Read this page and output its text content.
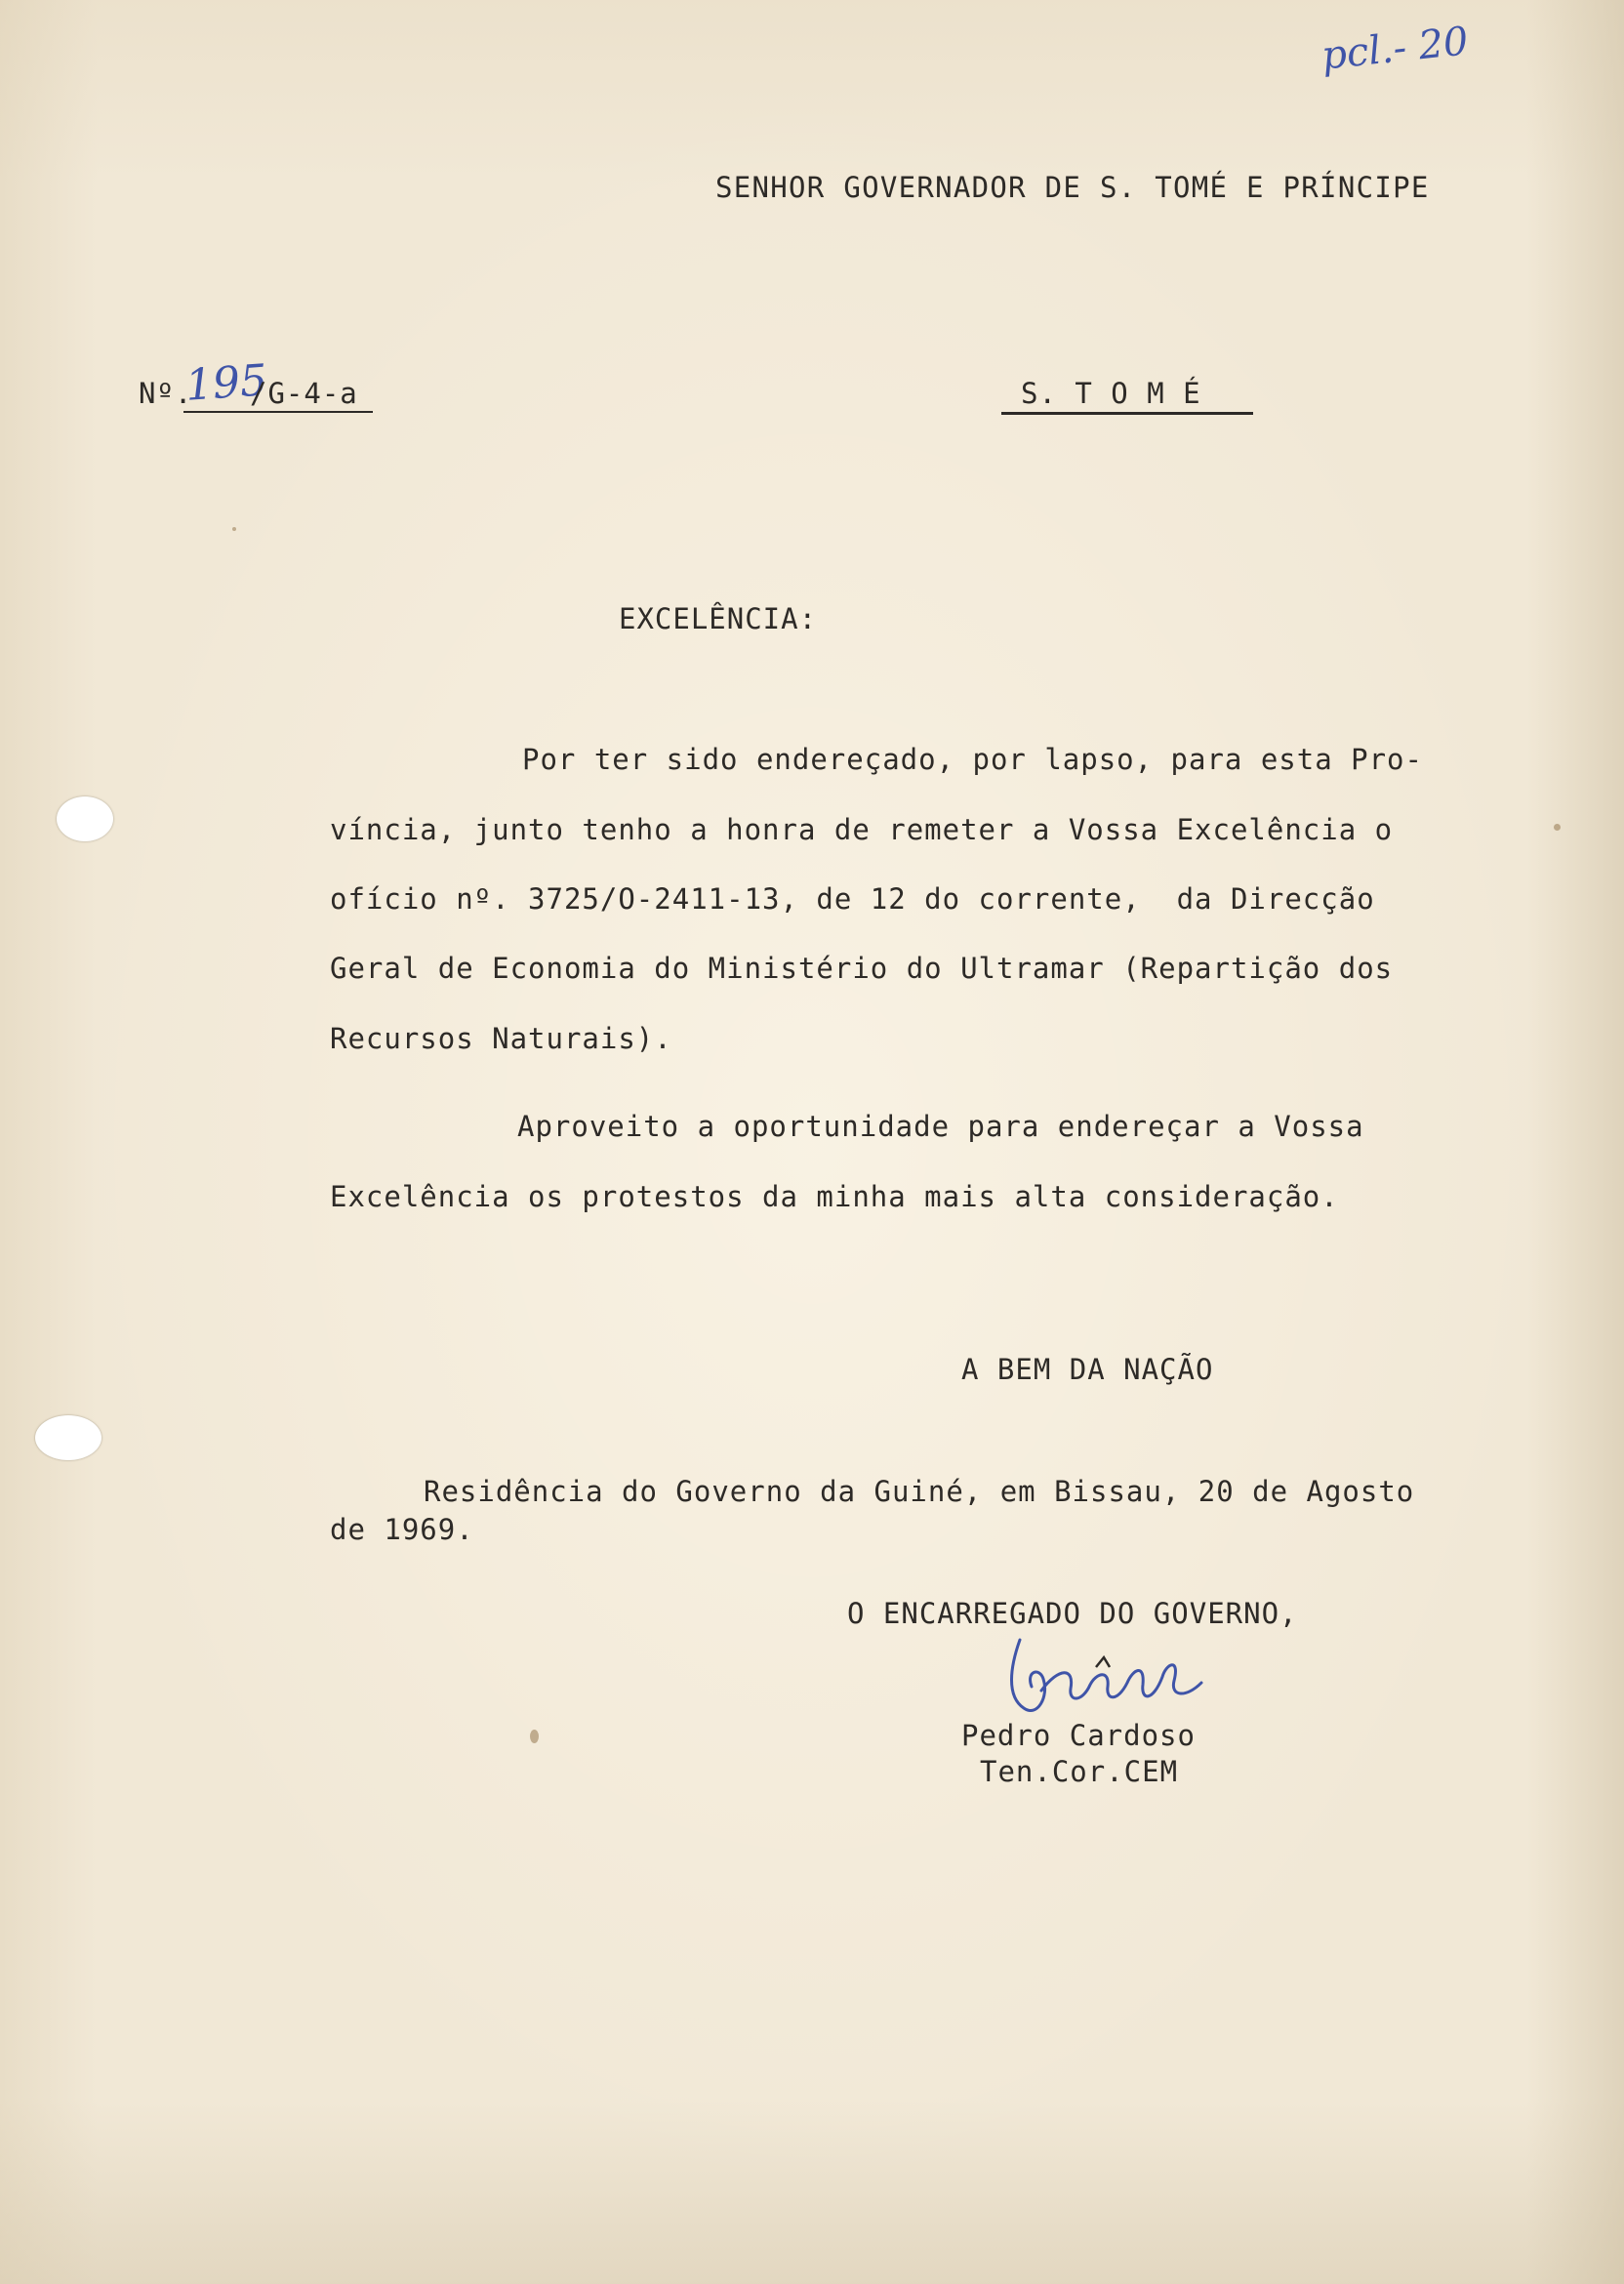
pcl.- 20
SENHOR GOVERNADOR DE S. TOMÉ E PRÍNCIPE
Nº.
195
/G-4-a	S. T O M É
EXCELÊNCIA:
Por ter sido endereçado, por lapso, para esta Pro-
víncia, junto tenho a honra de remeter a Vossa Excelência o
ofício nº. 3725/O-2411-13, de 12 do corrente,  da Direcção
Geral de Economia do Ministério do Ultramar (Repartição dos
Recursos Naturais).
Aproveito a oportunidade para endereçar a Vossa
Excelência os protestos da minha mais alta consideração.
A BEM DA NAÇÃO
Residência do Governo da Guiné, em Bissau, 20 de Agosto
de 1969.
O ENCARREGADO DO GOVERNO,
Pedro Cardoso
Ten.Cor.CEM
